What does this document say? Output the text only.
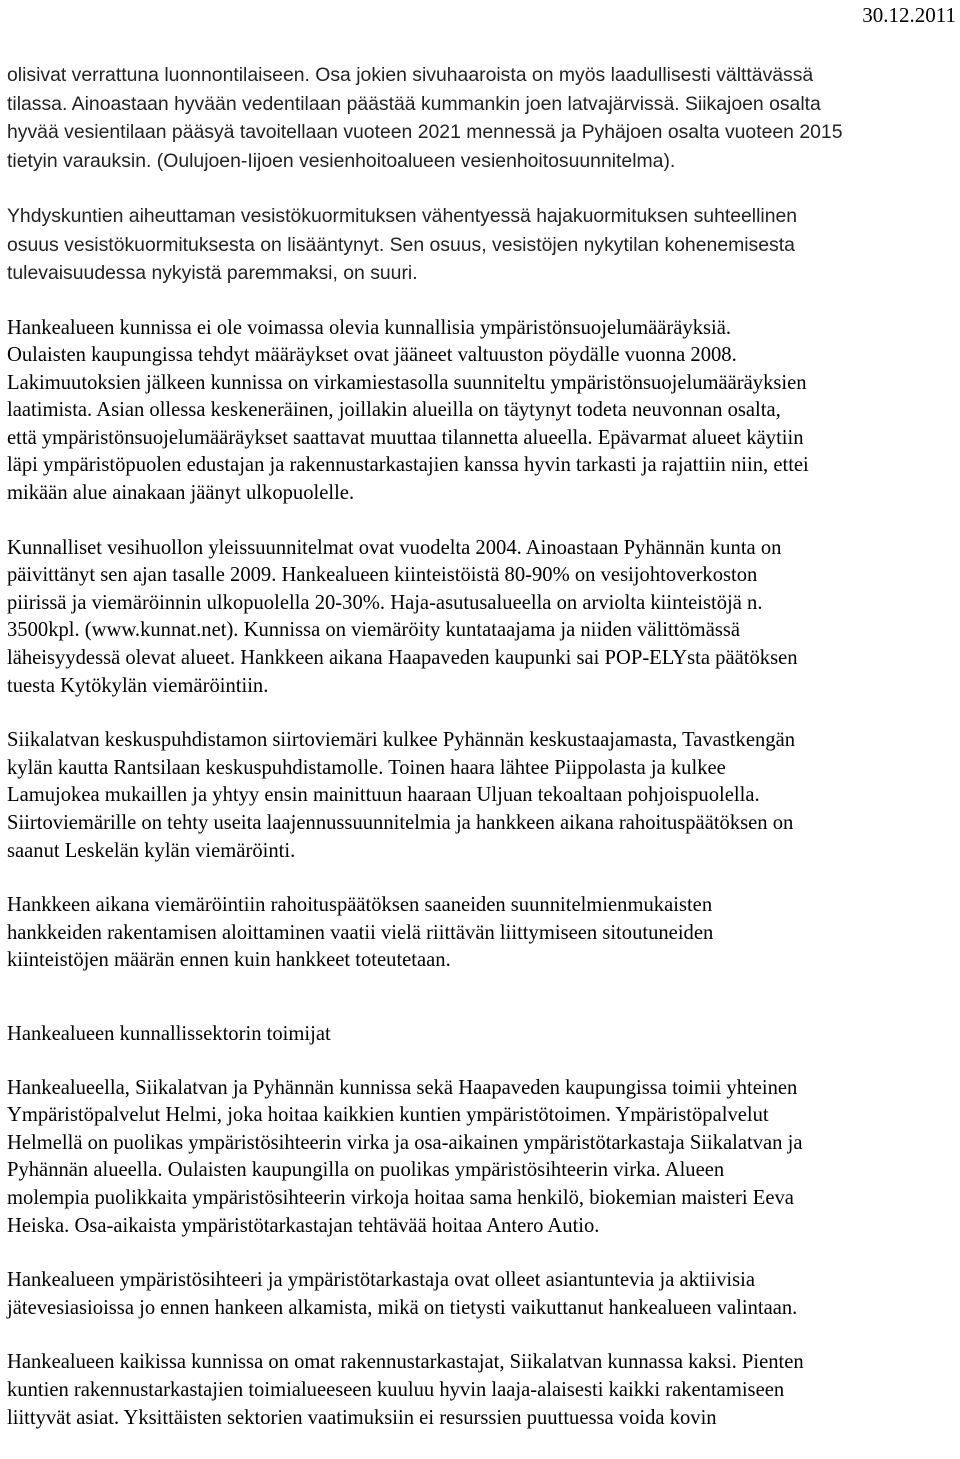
30.12.2011
olisivat verrattuna luonnontilaiseen. Osa jokien sivuhaaroista on myös laadullisesti välttävässä
tilassa. Ainoastaan hyvään vedentilaan päästää kummankin joen latvajärvissä. Siikajoen osalta
hyvää vesientilaan pääsyä tavoitellaan vuoteen 2021 mennessä ja Pyhäjoen osalta vuoteen 2015
tietyin varauksin. (Oulujoen-Iijoen vesienhoitoalueen vesienhoitosuunnitelma).
Yhdyskuntien aiheuttaman vesistökuormituksen vähentyessä hajakuormituksen suhteellinen
osuus vesistökuormituksesta on lisääntynyt. Sen osuus, vesistöjen nykytilan kohenemisesta
tulevaisuudessa nykyistä paremmaksi, on suuri.
Hankealueen kunnissa ei ole voimassa olevia kunnallisia ympäristönsuojelumääräyksiä.
Oulaisten kaupungissa tehdyt määräykset ovat jääneet valtuuston pöydälle vuonna 2008.
Lakimuutoksien jälkeen kunnissa on virkamiestasolla suunniteltu ympäristönsuojelumääräyksien
laatimista. Asian ollessa keskeneräinen, joillakin alueilla on täytynyt todeta neuvonnan osalta,
että ympäristönsuojelumääräykset saattavat muuttaa tilannetta alueella. Epävarmat alueet käytiin
läpi ympäristöpuolen edustajan ja rakennustarkastajien kanssa hyvin tarkasti ja rajattiin niin, ettei
mikään alue ainakaan jäänyt ulkopuolelle.
Kunnalliset vesihuollon yleissuunnitelmat ovat vuodelta 2004. Ainoastaan Pyhännän kunta on
päivittänyt sen ajan tasalle 2009. Hankealueen kiinteistöistä 80-90% on vesijohtoverkoston
piirissä ja viemäröinnin ulkopuolella 20-30%. Haja-asutusalueella on arviolta kiinteistöjä n.
3500kpl. (www.kunnat.net). Kunnissa on viemäröity kuntataajama ja niiden välittömässä
läheisyydessä olevat alueet. Hankkeen aikana Haapaveden kaupunki sai POP-ELYsta päätöksen
tuesta Kytökylän viemäröintiin.
Siikalatvan keskuspuhdistamon siirtoviemäri kulkee Pyhännän keskustaajamasta, Tavastkengän
kylän kautta Rantsilaan keskuspuhdistamolle. Toinen haara lähtee Piippolasta ja kulkee
Lamujokea mukaillen ja yhtyy ensin mainittuun haaraan Uljuan tekoaltaan pohjoispuolella.
Siirtoviemärille on tehty useita laajennussuunnitelmia ja hankkeen aikana rahoituspäätöksen on
saanut Leskelän kylän viemäröinti.
Hankkeen aikana viemäröintiin rahoituspäätöksen saaneiden suunnitelmienmukaisten
hankkeiden rakentamisen aloittaminen vaatii vielä riittävän liittymiseen sitoutuneiden
kiinteistöjen määrän ennen kuin hankkeet toteutetaan.
Hankealueen kunnallissektorin toimijat
Hankealueella, Siikalatvan ja Pyhännän kunnissa sekä Haapaveden kaupungissa toimii yhteinen
Ympäristöpalvelut Helmi, joka hoitaa kaikkien kuntien ympäristötoimen. Ympäristöpalvelut
Helmellä on puolikas ympäristösihteerin virka ja osa-aikainen ympäristötarkastaja Siikalatvan ja
Pyhännän alueella. Oulaisten kaupungilla on puolikas ympäristösihteerin virka. Alueen
molempia puolikkaita ympäristösihteerin virkoja hoitaa sama henkilö, biokemian maisteri Eeva
Heiska. Osa-aikaista ympäristötarkastajan tehtävää hoitaa Antero Autio.
Hankealueen ympäristösihteeri ja ympäristötarkastaja ovat olleet asiantuntevia ja aktiivisia
jätevesiasioissa jo ennen hankeen alkamista, mikä on tietysti vaikuttanut hankealueen valintaan.
Hankealueen kaikissa kunnissa on omat rakennustarkastajat, Siikalatvan kunnassa kaksi. Pienten
kuntien rakennustarkastajien toimialueeseen kuuluu hyvin laaja-alaisesti kaikki rakentamiseen
liittyvät asiat. Yksittäisten sektorien vaatimuksiin ei resurssien puuttuessa voida kovin
